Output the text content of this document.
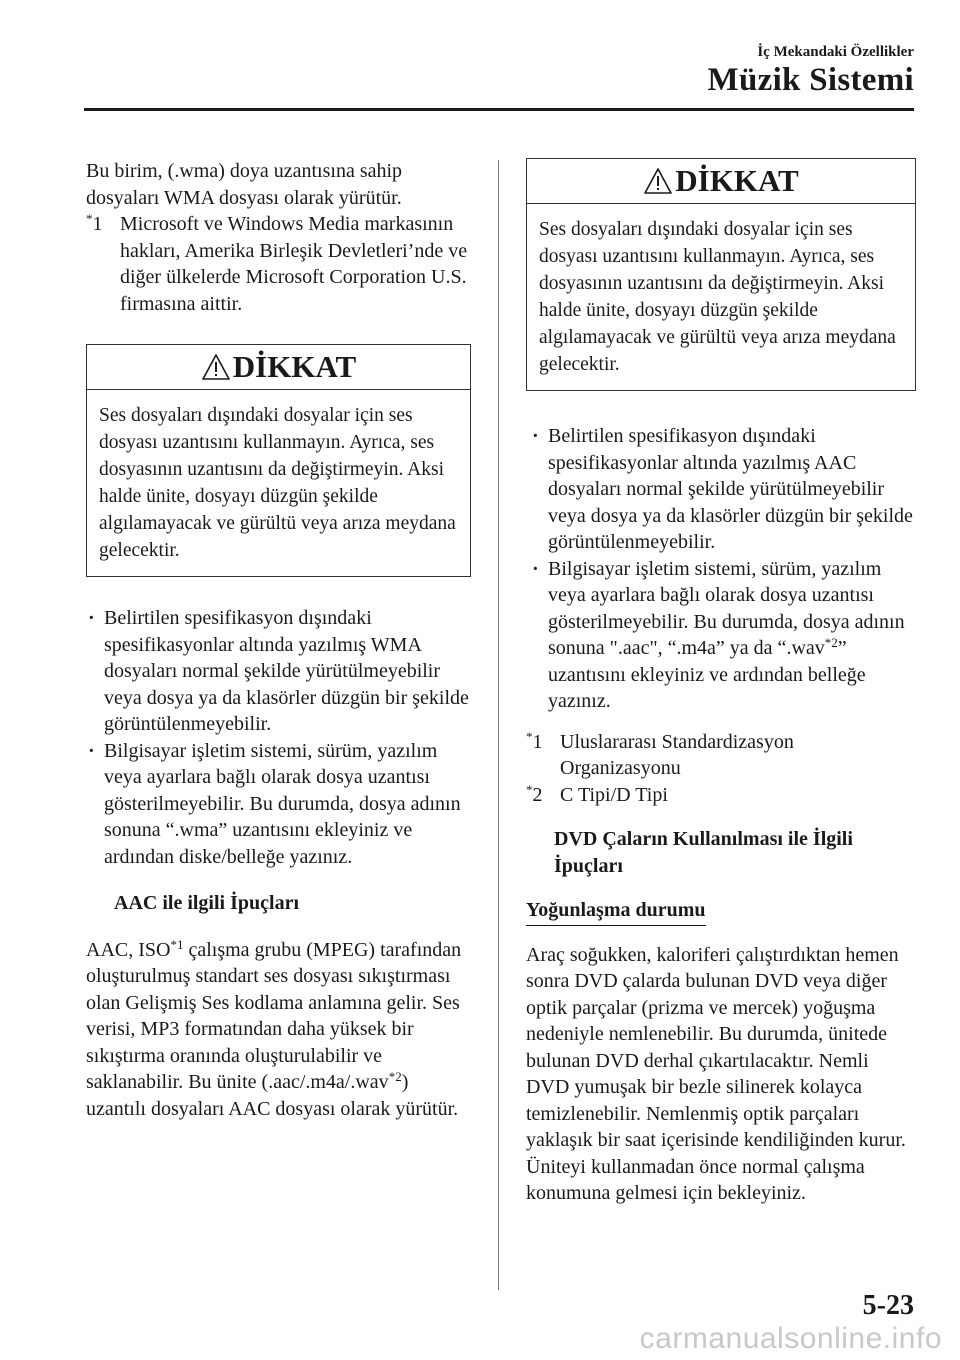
İç Mekandaki Özellikler
Müzik Sistemi

Bu birim, (.wma) doya uzantısına sahip dosyaları WMA dosyası olarak yürütür.

*1 Microsoft ve Windows Media markasının hakları, Amerika Birleşik Devletleri’nde ve diğer ülkelerde Microsoft Corporation U.S. firmasına aittir.
DİKKAT
Ses dosyaları dışındaki dosyalar için ses dosyası uzantısını kullanmayın. Ayrıca, ses dosyasının uzantısını da değiştirmeyin. Aksi halde ünite, dosyayı düzgün şekilde algılamayacak ve gürültü veya arıza meydana gelecektir.
· Belirtilen spesifikasyon dışındaki spesifikasyonlar altında yazılmış WMA dosyaları normal şekilde yürütülmeyebilir veya dosya ya da klasörler düzgün bir şekilde görüntülenmeyebilir.
· Bilgisayar işletim sistemi, sürüm, yazılım veya ayarlara bağlı olarak dosya uzantısı gösterilmeyebilir. Bu durumda, dosya adının sonuna “.wma” uzantısını ekleyiniz ve ardından diske/belleğe yazınız.

AAC ile ilgili İpuçları

AAC, ISO$^{*1}$ çalışma grubu (MPEG) tarafından oluşturulmuş standart ses dosyası sıkıştırması olan Gelişmiş Ses kodlama anlamına gelir. Ses verisi, MP3 formatından daha yüksek bir sıkıştırma oranında oluşturulabilir ve saklanabilir. Bu ünite (.aac/.m4a/.wav$^{*2}$) uzantılı dosyaları AAC dosyası olarak yürütür.

DİKKAT
Ses dosyaları dışındaki dosyalar için ses dosyası uzantısını kullanmayın. Ayrıca, ses dosyasının uzantısını da değiştirmeyin. Aksi halde ünite, dosyayı düzgün şekilde algılamayacak ve gürültü veya arıza meydana gelecektir.
· Belirtilen spesifikasyon dışındaki spesifikasyonlar altında yazılmış AAC dosyaları normal şekilde yürütülmeyebilir veya dosya ya da klasörler düzgün bir şekilde görüntülenmeyebilir.
· Bilgisayar işletim sistemi, sürüm, yazılım veya ayarlara bağlı olarak dosya uzantısı gösterilmeyebilir. Bu durumda, dosya adının sonuna ".aac", “.m4a” ya da “.wav$^{*2}$” uzantısını ekleyiniz ve ardından belleğe yazınız.
*1 Uluslararası Standardizasyon Organizasyonu
*2 C Tipi/D Tipi

DVD Çaların Kullanılması ile İlgili İpuçları

Yoğunlaşma durumu

Araç soğukken, kaloriferi çalıştırdıktan hemen sonra DVD çalarda bulunan DVD veya diğer optik parçalar (prizma ve mercek) yoğuşma nedeniyle nemlenebilir. Bu durumda, ünitede bulunan DVD derhal çıkartılacaktır. Nemli DVD yumuşak bir bezle silinerek kolayca temizlenebilir. Nemlenmiş optik parçaları yaklaşık bir saat içerisinde kendiliğinden kurur. Üniteyi kullanmadan önce normal çalışma konumuna gelmesi için bekleyiniz.

5-23
carmanualsonline.info
